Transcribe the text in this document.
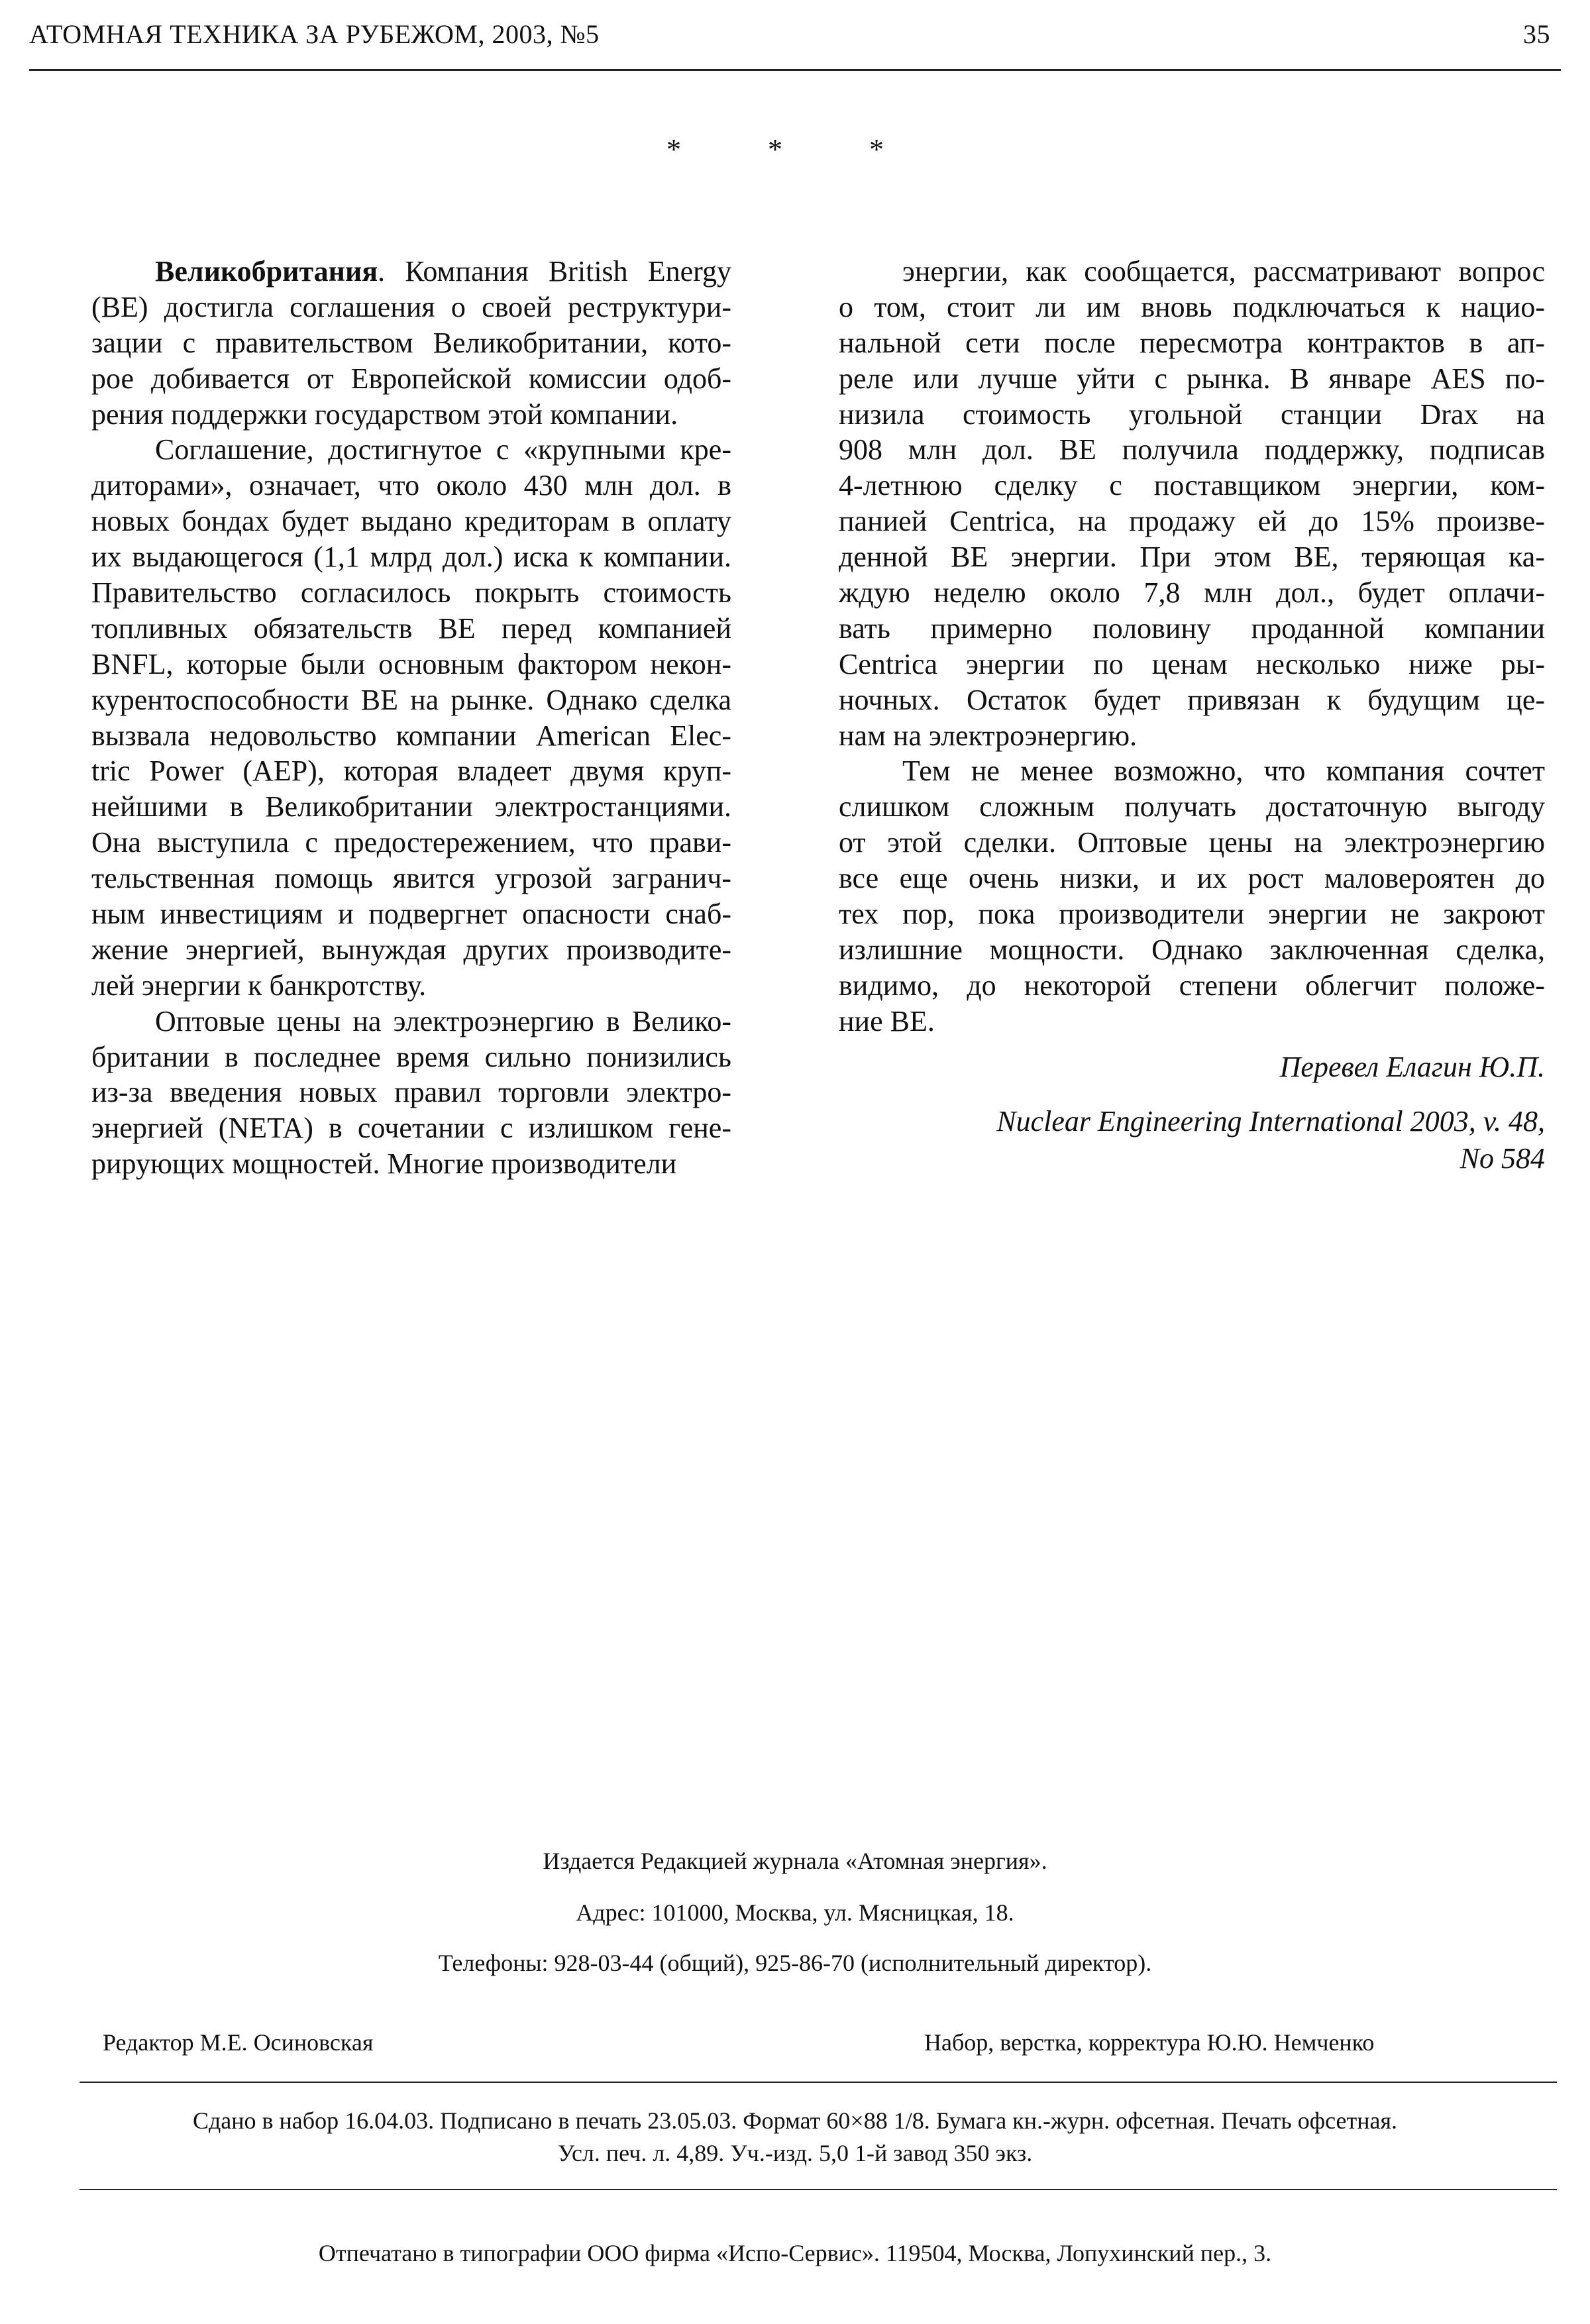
АТОМНАЯ ТЕХНИКА ЗА РУБЕЖОМ, 2003, №5	35
* * *
Великобритания. Компания British Energy
(ВЕ) достигла соглашения о своей реструктури-
зации с правительством Великобритании, кото-
рое добивается от Европейской комиссии одоб-
рения поддержки государством этой компании.
Соглашение, достигнутое с «крупными кре-
диторами», означает, что около 430 млн дол. в
новых бондах будет выдано кредиторам в оплату
их выдающегося (1,1 млрд дол.) иска к компании.
Правительство согласилось покрыть стоимость
топливных обязательств ВЕ перед компанией
BNFL, которые были основным фактором некон-
курентоспособности ВЕ на рынке. Однако сделка
вызвала недовольство компании American Elec-
tric Power (AEP), которая владеет двумя круп-
нейшими в Великобритании электростанциями.
Она выступила с предостережением, что прави-
тельственная помощь явится угрозой загранич-
ным инвестициям и подвергнет опасности снаб-
жение энергией, вынуждая других производите-
лей энергии к банкротству.
Оптовые цены на электроэнергию в Велико-
британии в последнее время сильно понизились
из-за введения новых правил торговли электро-
энергией (NETA) в сочетании с излишком гене-
рирующих мощностей. Многие производители
энергии, как сообщается, рассматривают вопрос
о том, стоит ли им вновь подключаться к нацио-
нальной сети после пересмотра контрактов в ап-
реле или лучше уйти с рынка. В январе AES по-
низила стоимость угольной станции Drax на
908 млн дол. ВЕ получила поддержку, подписав
4-летнюю сделку с поставщиком энергии, ком-
панией Centrica, на продажу ей до 15% произве-
денной ВЕ энергии. При этом ВЕ, теряющая ка-
ждую неделю около 7,8 млн дол., будет оплачи-
вать примерно половину проданной компании
Centrica энергии по ценам несколько ниже ры-
ночных. Остаток будет привязан к будущим це-
нам на электроэнергию.
Тем не менее возможно, что компания сочтет
слишком сложным получать достаточную выгоду
от этой сделки. Оптовые цены на электроэнергию
все еще очень низки, и их рост маловероятен до
тех пор, пока производители энергии не закроют
излишние мощности. Однако заключенная сделка,
видимо, до некоторой степени облегчит положе-
ние ВЕ.
Перевел Елагин Ю.П.
Nuclear Engineering International 2003, v. 48,
No 584
Издается Редакцией журнала «Атомная энергия».
Адрес: 101000, Москва, ул. Мясницкая, 18.
Телефоны: 928-03-44 (общий), 925-86-70 (исполнительный директор).
Редактор М.Е. Осиновская	Набор, верстка, корректура Ю.Ю. Немченко
Сдано в набор 16.04.03. Подписано в печать 23.05.03. Формат 60×88 1/8. Бумага кн.-журн. офсетная. Печать офсетная.
Усл. печ. л. 4,89. Уч.-изд. 5,0 1-й завод 350 экз.
Отпечатано в типографии ООО фирма «Испо-Сервис». 119504, Москва, Лопухинский пер., 3.
